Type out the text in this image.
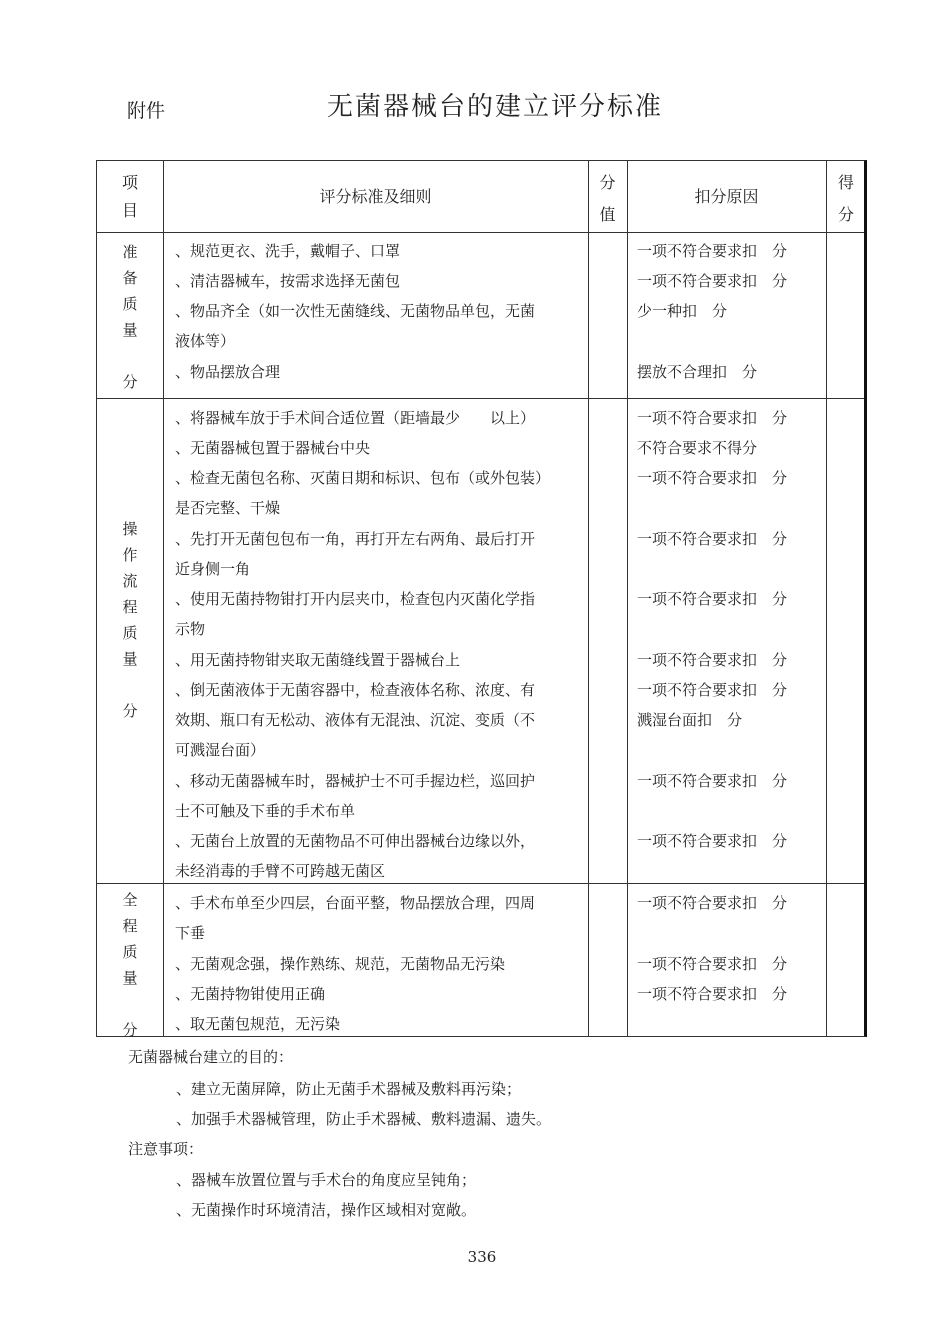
附件	无菌器械台的建立评分标准
项
目
评分标准及细则
分
值
扣分原因
得
分
准
备
质
量
分
、规范更衣、洗手，戴帽子、口罩
、清洁器械车，按需求选择无菌包
、物品齐全（如一次性无菌缝线、无菌物品单包，无菌
液体等）
、物品摆放合理
一项不符合要求扣　分
一项不符合要求扣　分
少一种扣　分
摆放不合理扣　分
操
作
流
程
质
量
分
、将器械车放于手术间合适位置（距墙最少　　以上）
、无菌器械包置于器械台中央
、检查无菌包名称、灭菌日期和标识、包布（或外包装）
是否完整、干燥
、先打开无菌包包布一角，再打开左右两角、最后打开
近身侧一角
、使用无菌持物钳打开内层夹巾，检查包内灭菌化学指
示物
、用无菌持物钳夹取无菌缝线置于器械台上
、倒无菌液体于无菌容器中，检查液体名称、浓度、有
效期、瓶口有无松动、液体有无混浊、沉淀、变质（不
可溅湿台面）
、移动无菌器械车时，器械护士不可手握边栏，巡回护
士不可触及下垂的手术布单
、无菌台上放置的无菌物品不可伸出器械台边缘以外，
未经消毒的手臂不可跨越无菌区
一项不符合要求扣　分
不符合要求不得分
一项不符合要求扣　分
一项不符合要求扣　分
一项不符合要求扣　分
一项不符合要求扣　分
一项不符合要求扣　分
溅湿台面扣　分
一项不符合要求扣　分
一项不符合要求扣　分
全
程
质
量
分
、手术布单至少四层，台面平整，物品摆放合理，四周
下垂
、无菌观念强，操作熟练、规范，无菌物品无污染
、无菌持物钳使用正确
、取无菌包规范，无污染
一项不符合要求扣　分
一项不符合要求扣　分
一项不符合要求扣　分
无菌器械台建立的目的：
、建立无菌屏障，防止无菌手术器械及敷料再污染；
、加强手术器械管理，防止手术器械、敷料遗漏、遗失。
注意事项：
、器械车放置位置与手术台的角度应呈钝角；
、无菌操作时环境清洁，操作区域相对宽敞。
336
